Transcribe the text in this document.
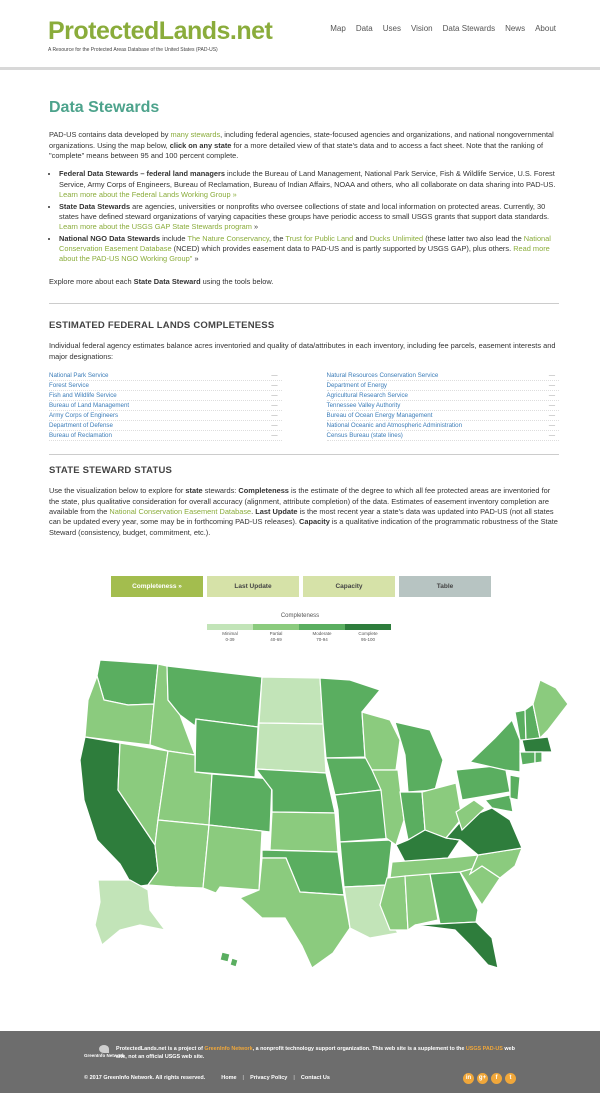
ProtectedLands.net
A Resource for the Protected Areas Database of the United States (PAD-US)
Map Data Uses Vision Data Stewards News About
Data Stewards

PAD-US contains data developed by many stewards, including federal agencies, state-focused agencies and organizations, and national nongovernmental organizations. Using the map below, click on any state for a more detailed view of that state's data and to access a fact sheet. Note that the ranking of "complete" means between 95 and 100 percent complete.

• Federal Data Stewards – federal land managers include the Bureau of Land Management, National Park Service, Fish & Wildlife Service, U.S. Forest Service, Army Corps of Engineers, Bureau of Reclamation, Bureau of Indian Affairs, NOAA and others, who all collaborate on data sharing into PAD-US. Learn more about the Federal Lands Working Group »
• State Data Stewards are agencies, universities or nonprofits who oversee collections of state and local information on protected areas. Currently, 30 states have defined steward organizations of varying capacities these groups have periodic access to small USGS grants that support data standards. Learn more about the USGS GAP State Stewards program »
• National NGO Data Stewards include The Nature Conservancy, the Trust for Public Land and Ducks Unlimited (these latter two also lead the National Conservation Easement Database (NCED) which provides easement data to PAD-US and is partly supported by USGS GAP), plus others. Read more about the PAD-US NGO Working Group" »

Explore more about each State Data Steward using the tools below.

ESTIMATED FEDERAL LANDS COMPLETENESS

Individual federal agency estimates balance acres inventoried and quality of data/attributes in each inventory, including fee parcels, easement interests and major designations:

National Park Service	—
Forest Service	—
Fish and Wildlife Service	—
Bureau of Land Management	—
Army Corps of Engineers	—
Department of Defense	—
Bureau of Reclamation	—
Natural Resources Conservation Service	—
Department of Energy	—
Agricultural Research Service	—
Tennessee Valley Authority	—
Bureau of Ocean Energy Management	—
National Oceanic and Atmospheric Administration	—
Census Bureau (state lines)	—
STATE STEWARD STATUS

Use the visualization below to explore for state stewards: Completeness is the estimate of the degree to which all fee protected areas are inventoried for the state, plus qualitative consideration for overall accuracy (alignment, attribute completion) of the data. Estimates of easement inventory completion are available from the National Conservation Easement Database. Last Update is the most recent year a state's data was updated into PAD-US (not all states can be updated every year, some may be in forthcoming PAD-US releases). Capacity is a qualitative indication of the programmatic robustness of the State Steward (consistency, budget, commitment, etc.).

Completeness »	Last Update	Capacity	Table
Completeness
Minimal
0-39
Partial
40-69
Moderate
70-94
Complete
95-100
GreenInfo Network
ProtectedLands.net is a project of GreenInfo Network, a nonprofit technology support organization. This web site is a supplement to the USGS PAD-US web site, not an official USGS web site.
© 2017 GreenInfo Network. All rights reserved.	Home | Privacy Policy | Contact Us	in	g+	f	t
